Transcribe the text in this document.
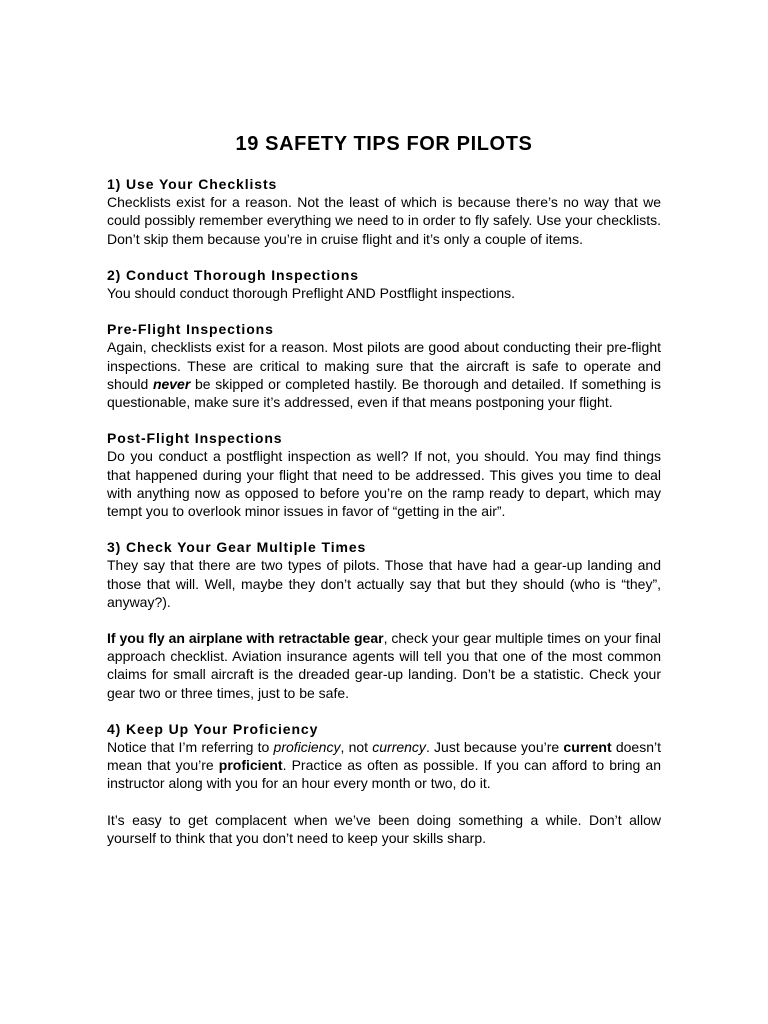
19 SAFETY TIPS FOR PILOTS
1) Use Your Checklists

Checklists exist for a reason. Not the least of which is because there’s no way that we could possibly remember everything we need to in order to fly safely. Use your checklists. Don’t skip them because you’re in cruise flight and it’s only a couple of items.

2) Conduct Thorough Inspections

You should conduct thorough Preflight AND Postflight inspections.

Pre-Flight Inspections

Again, checklists exist for a reason. Most pilots are good about conducting their pre-flight inspections. These are critical to making sure that the aircraft is safe to operate and should never be skipped or completed hastily. Be thorough and detailed. If something is questionable, make sure it’s addressed, even if that means postponing your flight.

Post-Flight Inspections

Do you conduct a postflight inspection as well? If not, you should. You may find things that happened during your flight that need to be addressed. This gives you time to deal with anything now as opposed to before you’re on the ramp ready to depart, which may tempt you to overlook minor issues in favor of “getting in the air”.

3) Check Your Gear Multiple Times

They say that there are two types of pilots. Those that have had a gear-up landing and those that will. Well, maybe they don’t actually say that but they should (who is “they”, anyway?).

If you fly an airplane with retractable gear, check your gear multiple times on your final approach checklist. Aviation insurance agents will tell you that one of the most common claims for small aircraft is the dreaded gear-up landing. Don’t be a statistic. Check your gear two or three times, just to be safe.

4) Keep Up Your Proficiency

Notice that I’m referring to proficiency, not currency. Just because you’re current doesn’t mean that you’re proficient. Practice as often as possible. If you can afford to bring an instructor along with you for an hour every month or two, do it.

It’s easy to get complacent when we’ve been doing something a while. Don’t allow yourself to think that you don’t need to keep your skills sharp.
